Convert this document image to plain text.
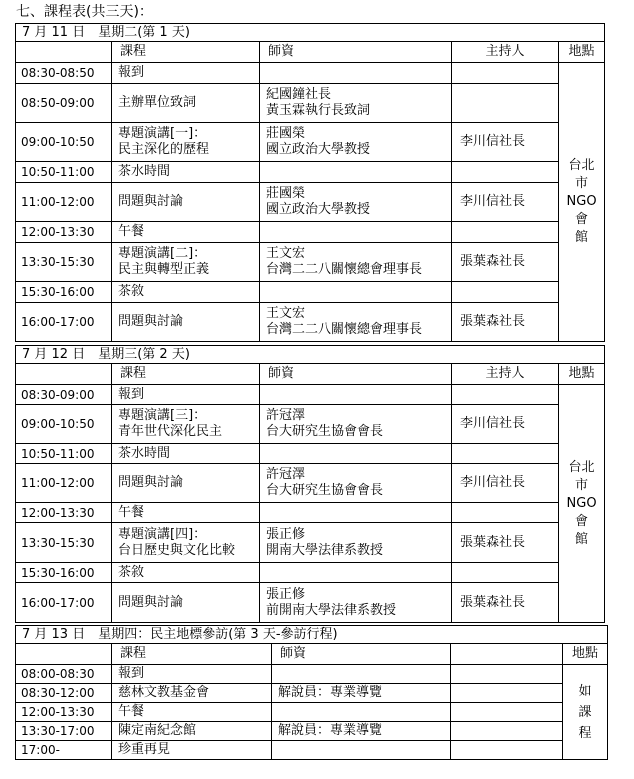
七、課程表(共三天)：
7 月 11 日　星期二(第 1 天)				
	課程	師資	主持人	地點
08:30-08:50	報到			台北市
NGO 會
館

08:50-09:00	主辦單位致詞	紀國鐘社長
黃玉霖執行長致詞		

09:00-10:50	專題演講[一]：
民主深化的歷程	莊國榮
國立政治大學教授	李川信社長	
10:50-11:00	茶水時間			

11:00-12:00	問題與討論	莊國榮
國立政治大學教授	李川信社長	
12:00-13:30	午餐			

13:30-15:30	專題演講[二]：
民主與轉型正義	王文宏
台灣二二八關懷總會理事長	張葉森社長	
15:30-16:00	茶敘			

16:00-17:00	問題與討論	王文宏
台灣二二八關懷總會理事長	張葉森社長	
7 月 12 日　星期三(第 2 天)				
	課程	師資	主持人	地點
08:30-09:00	報到			台北市
NGO 會
館

09:00-10:50	專題演講[三]：
青年世代深化民主	許冠澤
台大研究生協會會長	李川信社長	
10:50-11:00	茶水時間			

11:00-12:00	問題與討論	許冠澤
台大研究生協會會長	李川信社長	
12:00-13:30	午餐			

13:30-15:30	專題演講[四]：
台日歷史與文化比較	張正修
開南大學法律系教授	張葉森社長	
15:30-16:00	茶敘			

16:00-17:00	問題與討論	張正修
前開南大學法律系教授	張葉森社長	
7 月 13 日　星期四：民主地標參訪(第 3 天-參訪行程)				
	課程	師資		地點
08:00-08:30	報到			如
課
程

08:30-12:00	慈林文教基金會	解說員：專業導覽		

12:00-13:30	午餐			

13:30-17:00	陳定南紀念館	解說員：專業導覽		

17:00-	珍重再見			
